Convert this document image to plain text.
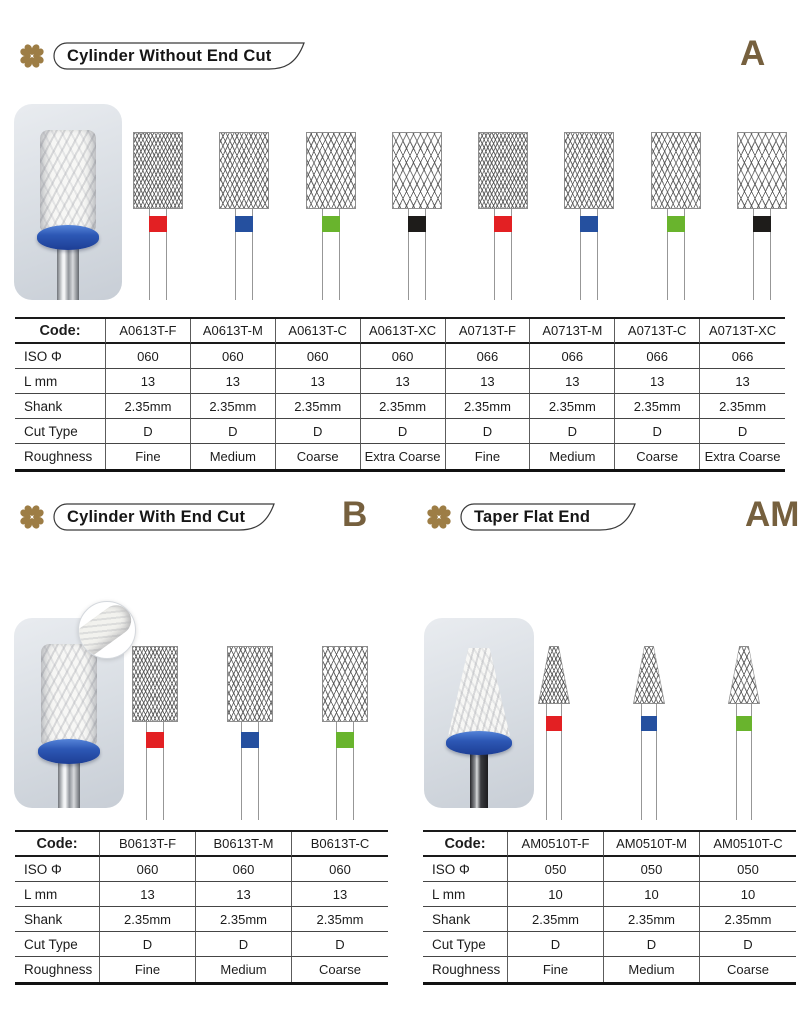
Cylinder Without End Cut	A
Code:	A0613T-F	A0613T-M	A0613T-C	A0613T-XC	A0713T-F	A0713T-M	A0713T-C	A0713T-XC
ISO Φ	060	060	060	060	066	066	066	066
L mm	13	13	13	13	13	13	13	13
Shank	2.35mm	2.35mm	2.35mm	2.35mm	2.35mm	2.35mm	2.35mm	2.35mm
Cut Type	D	D	D	D	D	D	D	D
Roughness	Fine	Medium	Coarse	Extra Coarse	Fine	Medium	Coarse	Extra Coarse
Cylinder With End Cut	B
Code:	B0613T-F	B0613T-M	B0613T-C
ISO Φ	060	060	060
L mm	13	13	13
Shank	2.35mm	2.35mm	2.35mm
Cut Type	D	D	D
Roughness	Fine	Medium	Coarse
Taper Flat End	AM
Code:	AM0510T-F	AM0510T-M	AM0510T-C
ISO Φ	050	050	050
L mm	10	10	10
Shank	2.35mm	2.35mm	2.35mm
Cut Type	D	D	D
Roughness	Fine	Medium	Coarse
